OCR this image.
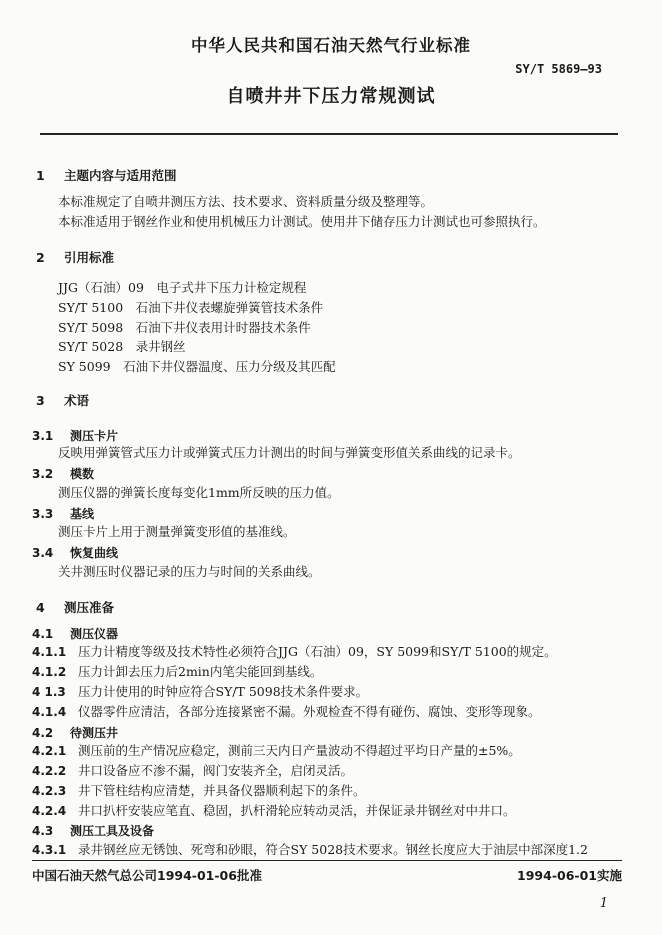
中华人民共和国石油天然气行业标准
SY/T 5869—93
自喷井井下压力常规测试
1 主题内容与适用范围
本标准规定了自喷井测压方法、技术要求、资料质量分级及整理等。
本标准适用于钢丝作业和使用机械压力计测试。使用井下储存压力计测试也可参照执行。
2 引用标准
JJG（石油）09　电子式井下压力计检定规程
SY/T 5100　石油下井仪表螺旋弹簧管技术条件
SY/T 5098　石油下井仪表用计时器技术条件
SY/T 5028　录井钢丝
SY 5099　石油下井仪器温度、压力分级及其匹配
3 术语
3.1 测压卡片
反映用弹簧管式压力计或弹簧式压力计测出的时间与弹簧变形值关系曲线的记录卡。
3.2 模数
测压仪器的弹簧长度每变化1mm所反映的压力值。
3.3 基线
测压卡片上用于测量弹簧变形值的基准线。
3.4 恢复曲线
关井测压时仪器记录的压力与时间的关系曲线。
4 测压准备
4.1 测压仪器
4.1.1 压力计精度等级及技术特性必须符合JJG（石油）09，SY 5099和SY/T 5100的规定。
4.1.2 压力计卸去压力后2min内笔尖能回到基线。
4 1.3 压力计使用的时钟应符合SY/T 5098技术条件要求。
4.1.4 仪器零件应清洁，各部分连接紧密不漏。外观检查不得有碰伤、腐蚀、变形等现象。
4.2 待测压井
4.2.1 测压前的生产情况应稳定，测前三天内日产量波动不得超过平均日产量的±5%。
4.2.2 井口设备应不渗不漏，阀门安装齐全，启闭灵活。
4.2.3 井下管柱结构应清楚，并具备仪器顺利起下的条件。
4.2.4 井口扒杆安装应笔直、稳固，扒杆滑轮应转动灵活，并保证录井钢丝对中井口。
4.3 测压工具及设备
4.3.1 录井钢丝应无锈蚀、死弯和砂眼，符合SY 5028技术要求。钢丝长度应大于油层中部深度1.2
中国石油天然气总公司1994-01-06批准	1994-06-01实施
1
